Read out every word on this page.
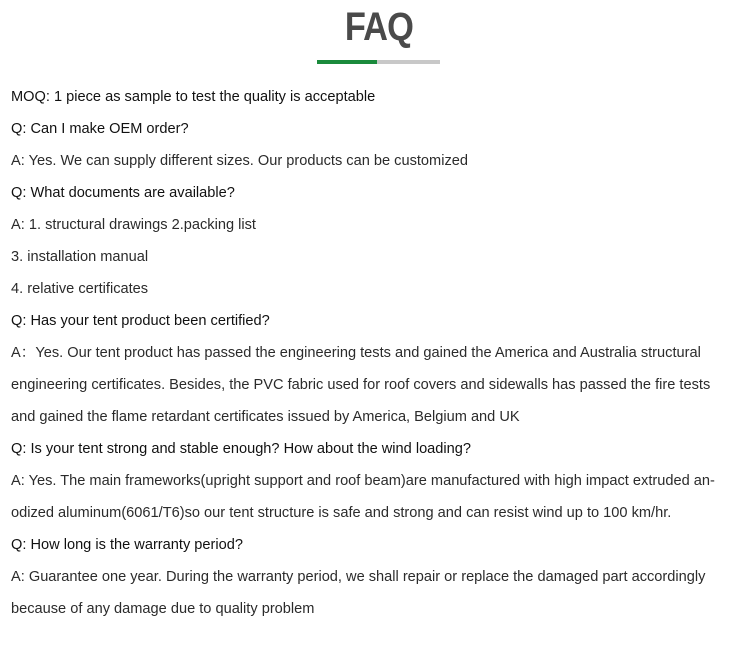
FAQ
MOQ: 1 piece as sample to test the quality is acceptable
Q: Can I make OEM order?
A: Yes. We can supply different sizes. Our products can be customized
Q: What documents are available?
A: 1. structural drawings 2.packing list
3. installation manual
4. relative certificates
Q: Has your tent product been certified?
A：Yes. Our tent product has passed the engineering tests and gained the America and Australia structural
engineering certificates. Besides, the PVC fabric used for roof covers and sidewalls has passed the fire tests
and gained the flame retardant certificates issued by America, Belgium and UK
Q: Is your tent strong and stable enough? How about the wind loading?
A: Yes. The main frameworks(upright support and roof beam)are manufactured with high impact extruded an-
odized aluminum(6061/T6)so our tent structure is safe and strong and can resist wind up to 100 km/hr.
Q: How long is the warranty period?
A: Guarantee one year. During the warranty period, we shall repair or replace the damaged part accordingly
because of any damage due to quality problem
